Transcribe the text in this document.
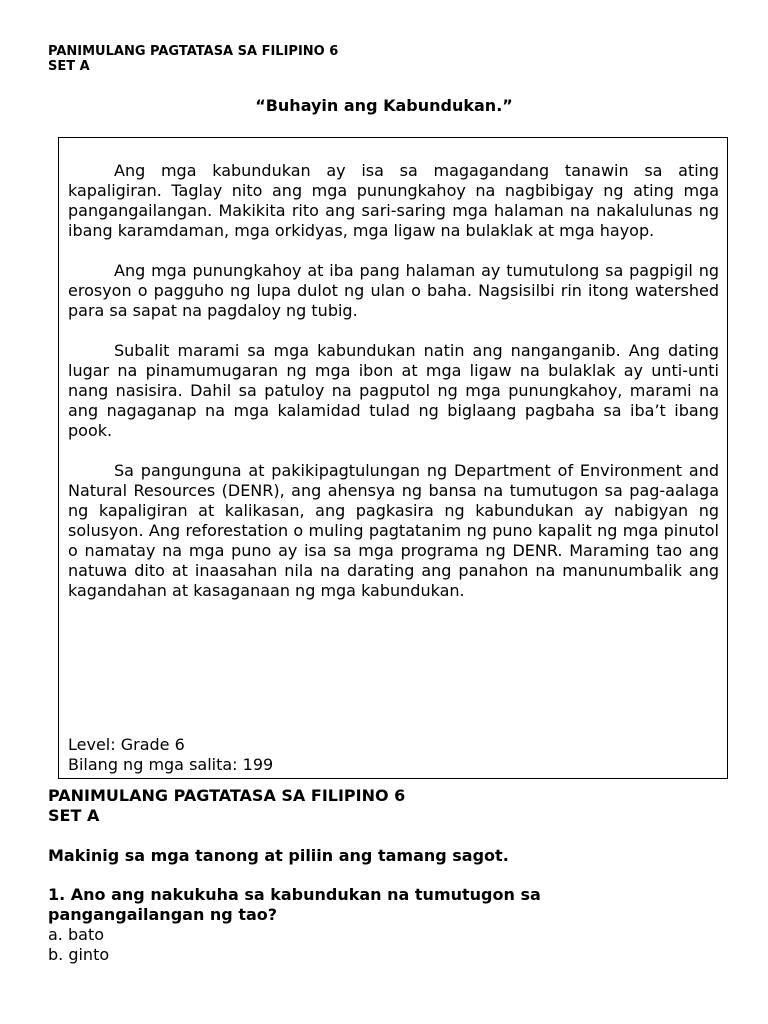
PANIMULANG PAGTATASA SA FILIPINO 6
SET A
“Buhayin ang Kabundukan.”

Ang mga kabundukan ay isa sa magagandang tanawin sa ating kapaligiran. Taglay nito ang mga punungkahoy na nagbibigay ng ating mga pangangailangan. Makikita rito ang sari-saring mga halaman na nakalulunas ng ibang karamdaman, mga orkidyas, mga ligaw na bulaklak at mga hayop.

Ang mga punungkahoy at iba pang halaman ay tumutulong sa pagpigil ng erosyon o pagguho ng lupa dulot ng ulan o baha. Nagsisilbi rin itong watershed para sa sapat na pagdaloy ng tubig.

Subalit marami sa mga kabundukan natin ang nanganganib. Ang dating lugar na pinamumugaran ng mga ibon at mga ligaw na bulaklak ay unti-unti nang nasisira. Dahil sa patuloy na pagputol ng mga punungkahoy, marami na ang nagaganap na mga kalamidad tulad ng biglaang pagbaha sa iba’t ibang pook.

Sa pangunguna at pakikipagtulungan ng Department of Environment and Natural Resources (DENR), ang ahensya ng bansa na tumutugon sa pag-aalaga ng kapaligiran at kalikasan, ang pagkasira ng kabundukan ay nabigyan ng solusyon. Ang reforestation o muling pagtatanim ng puno kapalit ng mga pinutol o namatay na mga puno ay isa sa mga programa ng DENR. Maraming tao ang natuwa dito at inaasahan nila na darating ang panahon na manunumbalik ang kagandahan at kasaganaan ng mga kabundukan.

Level: Grade 6
Bilang ng mga salita: 199
PANIMULANG PAGTATASA SA FILIPINO 6
SET A

Makinig sa mga tanong at piliin ang tamang sagot.

1. Ano ang nakukuha sa kabundukan na tumutugon sa pangangailangan ng tao?

a. bato

b. ginto
